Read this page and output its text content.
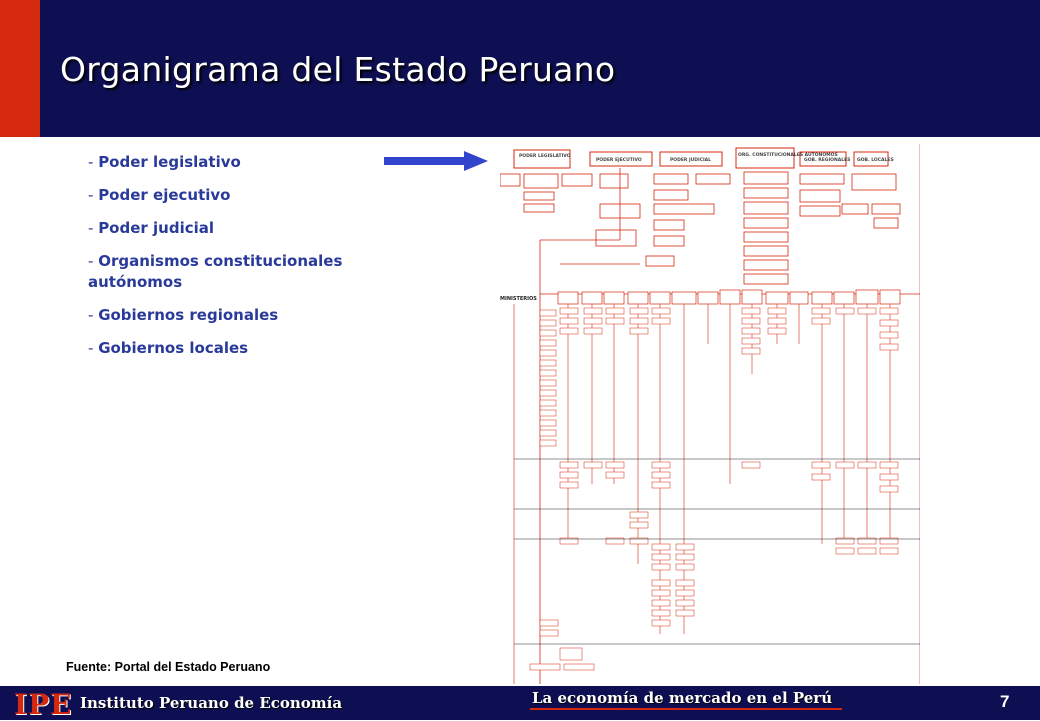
Organigrama del Estado Peruano
- Poder legislativo
- Poder ejecutivo
- Poder judicial
- Organismos constitucionales autónomos
- Gobiernos regionales
- Gobiernos locales
PODER LEGISLATIVO
PODER EJECUTIVO	PODER JUDICIAL
ORG. CONSTITUCIONALES AUTÓNOMOS
GOB. REGIONALES GOB. LOCALES
MINISTERIOS
Fuente: Portal del Estado Peruano
IPE Instituto Peruano de Economía	La economía de mercado en el Perú	7
